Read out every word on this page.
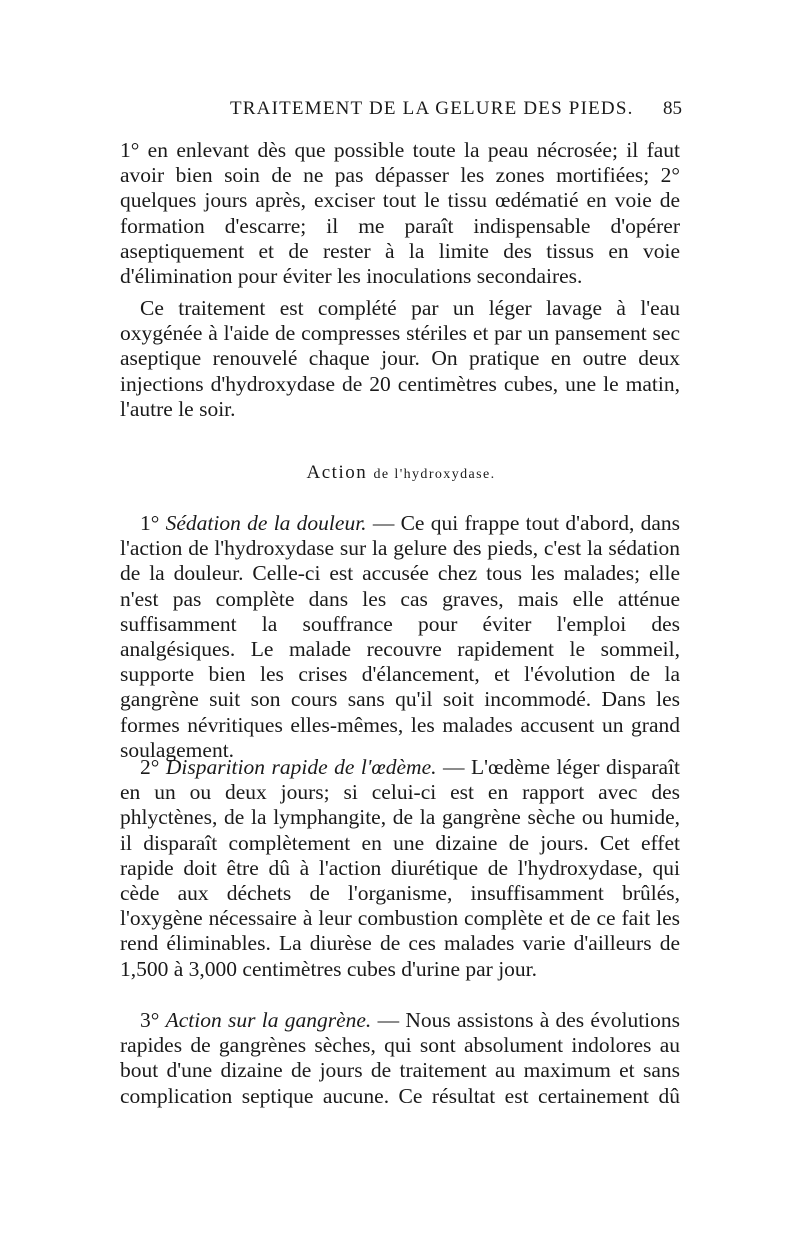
TRAITEMENT DE LA GELURE DES PIEDS. 85

1° en enlevant dès que possible toute la peau nécrosée; il faut avoir bien soin de ne pas dépasser les zones mortifiées; 2° quelques jours après, exciser tout le tissu œdématié en voie de formation d'escarre; il me paraît indispensable d'opérer aseptiquement et de rester à la limite des tissus en voie d'élimination pour éviter les inoculations secondaires.

Ce traitement est complété par un léger lavage à l'eau oxygénée à l'aide de compresses stériles et par un pansement sec aseptique renouvelé chaque jour. On pratique en outre deux injections d'hydroxydase de 20 centimètres cubes, une le matin, l'autre le soir.

Action de l'hydroxydase.

1° Sédation de la douleur. — Ce qui frappe tout d'abord, dans l'action de l'hydroxydase sur la gelure des pieds, c'est la sédation de la douleur. Celle-ci est accusée chez tous les malades; elle n'est pas complète dans les cas graves, mais elle atténue suffisamment la souffrance pour éviter l'emploi des analgésiques. Le malade recouvre rapidement le sommeil, supporte bien les crises d'élancement, et l'évolution de la gangrène suit son cours sans qu'il soit incommodé. Dans les formes névritiques elles-mêmes, les malades accusent un grand soulagement.

2° Disparition rapide de l'œdème. — L'œdème léger disparaît en un ou deux jours; si celui-ci est en rapport avec des phlyctènes, de la lymphangite, de la gangrène sèche ou humide, il disparaît complètement en une dizaine de jours. Cet effet rapide doit être dû à l'action diurétique de l'hydroxydase, qui cède aux déchets de l'organisme, insuffisamment brûlés, l'oxygène nécessaire à leur combustion complète et de ce fait les rend éliminables. La diurèse de ces malades varie d'ailleurs de 1,500 à 3,000 centimètres cubes d'urine par jour.

3° Action sur la gangrène. — Nous assistons à des évolutions rapides de gangrènes sèches, qui sont absolument indolores au bout d'une dizaine de jours de traitement au maximum et sans complication septique aucune. Ce résultat est certainement dû
